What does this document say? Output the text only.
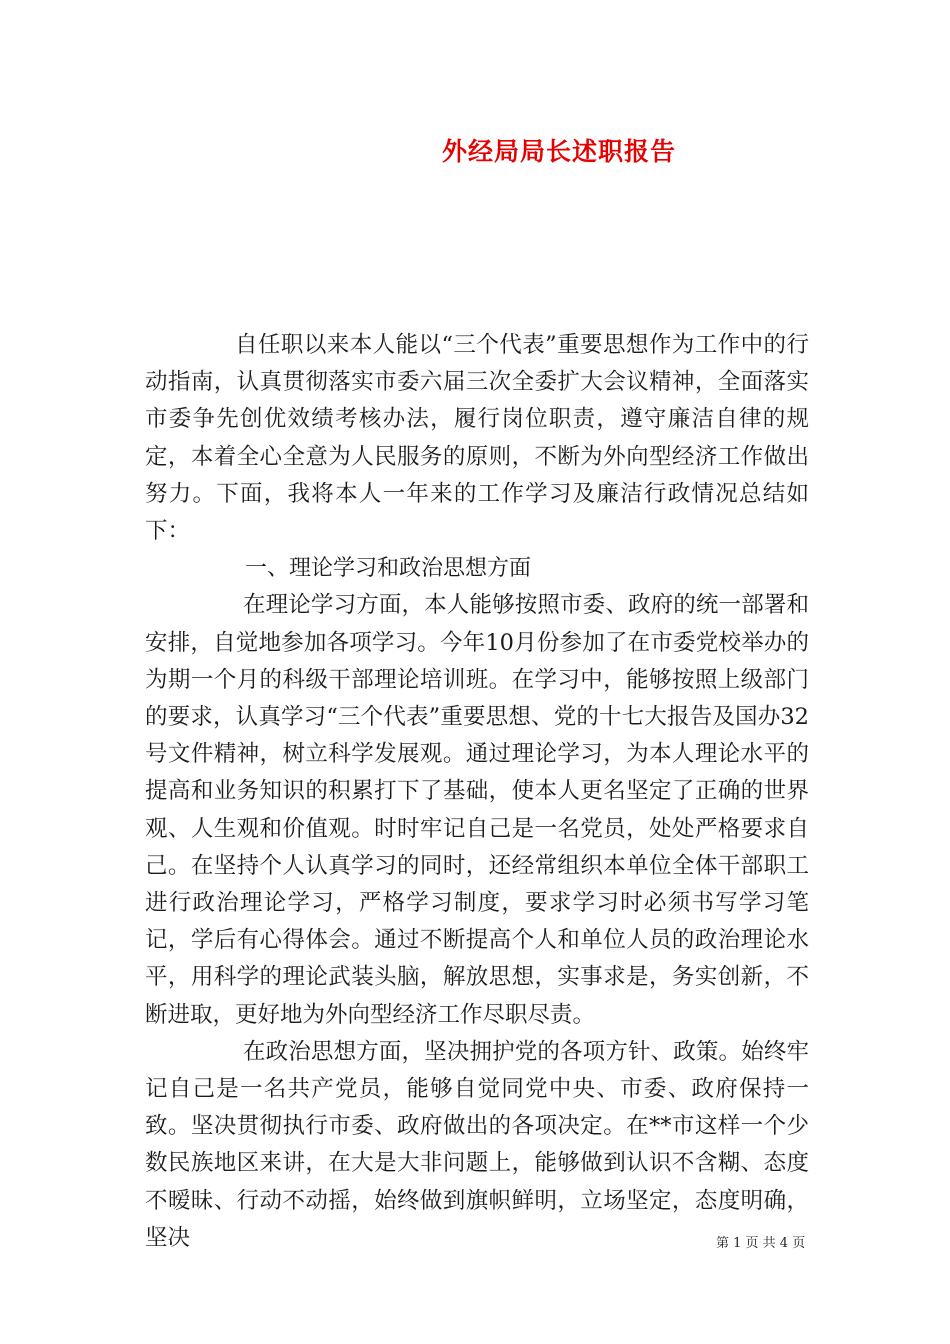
外经局局长述职报告

自任职以来本人能以“三个代表”重要思想作为工作中的行动指南，认真贯彻落实市委六届三次全委扩大会议精神，全面落实市委争先创优效绩考核办法，履行岗位职责，遵守廉洁自律的规定，本着全心全意为人民服务的原则，不断为外向型经济工作做出努力。下面，我将本人一年来的工作学习及廉洁行政情况总结如下：

一、理论学习和政治思想方面

在理论学习方面，本人能够按照市委、政府的统一部署和安排，自觉地参加各项学习。今年10月份参加了在市委党校举办的为期一个月的科级干部理论培训班。在学习中，能够按照上级部门的要求，认真学习“三个代表”重要思想、党的十七大报告及国办32号文件精神，树立科学发展观。通过理论学习，为本人理论水平的提高和业务知识的积累打下了基础，使本人更名坚定了正确的世界观、人生观和价值观。时时牢记自己是一名党员，处处严格要求自己。在坚持个人认真学习的同时，还经常组织本单位全体干部职工进行政治理论学习，严格学习制度，要求学习时必须书写学习笔记，学后有心得体会。通过不断提高个人和单位人员的政治理论水平，用科学的理论武装头脑，解放思想，实事求是，务实创新，不断进取，更好地为外向型经济工作尽职尽责。

在政治思想方面，坚决拥护党的各项方针、政策。始终牢记自己是一名共产党员，能够自觉同党中央、市委、政府保持一致。坚决贯彻执行市委、政府做出的各项决定。在**市这样一个少数民族地区来讲，在大是大非问题上，能够做到认识不含糊、态度不暧昧、行动不动摇，始终做到旗帜鲜明，立场坚定，态度明确，坚决	第 1 页 共 4 页
